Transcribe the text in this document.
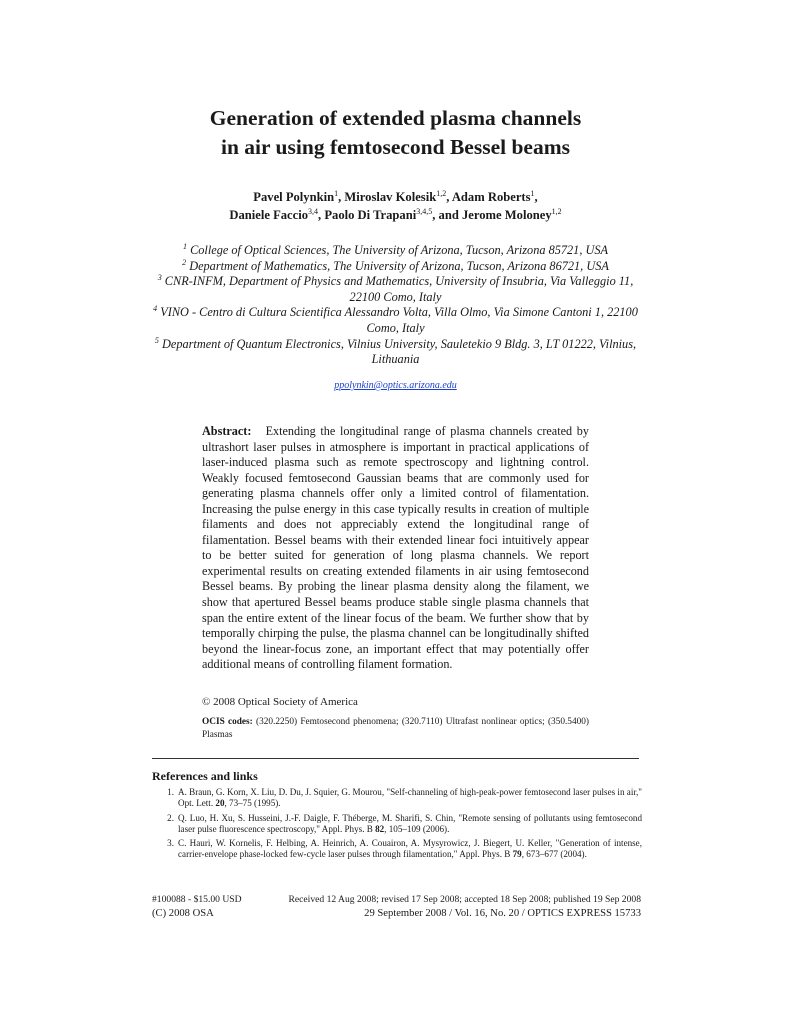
Generation of extended plasma channels
in air using femtosecond Bessel beams
Pavel Polynkin$^1$, Miroslav Kolesik$^{1,2}$, Adam Roberts$^1$,
Daniele Faccio$^{3,4}$, Paolo Di Trapani$^{3,4,5}$, and Jerome Moloney$^{1,2}$

$^1$ College of Optical Sciences, The University of Arizona, Tucson, Arizona 85721, USA

$^2$ Department of Mathematics, The University of Arizona, Tucson, Arizona 86721, USA

$^3$ CNR-INFM, Department of Physics and Mathematics, University of Insubria, Via Valleggio 11, 22100 Como, Italy

$^4$ VINO - Centro di Cultura Scientifica Alessandro Volta, Villa Olmo, Via Simone Cantoni 1, 22100 Como, Italy

$^5$ Department of Quantum Electronics, Vilnius University, Sauletekio 9 Bldg. 3, LT 01222, Vilnius, Lithuania

ppolynkin@optics.arizona.edu
Abstract: Extending the longitudinal range of plasma channels created by ultrashort laser pulses in atmosphere is important in practical applications of laser-induced plasma such as remote spectroscopy and lightning control. Weakly focused femtosecond Gaussian beams that are commonly used for generating plasma channels offer only a limited control of filamentation. Increasing the pulse energy in this case typically results in creation of multiple filaments and does not appreciably extend the longitudinal range of filamentation. Bessel beams with their extended linear foci intuitively appear to be better suited for generation of long plasma channels. We report experimental results on creating extended filaments in air using femtosecond Bessel beams. By probing the linear plasma density along the filament, we show that apertured Bessel beams produce stable single plasma channels that span the entire extent of the linear focus of the beam. We further show that by temporally chirping the pulse, the plasma channel can be longitudinally shifted beyond the linear-focus zone, an important effect that may potentially offer additional means of controlling filament formation.
© 2008 Optical Society of America
OCIS codes: (320.2250) Femtosecond phenomena; (320.7110) Ultrafast nonlinear optics; (350.5400) Plasmas
References and links
1. A. Braun, G. Korn, X. Liu, D. Du, J. Squier, G. Mourou, "Self-channeling of high-peak-power femtosecond laser pulses in air," Opt. Lett. 20, 73–75 (1995).
2. Q. Luo, H. Xu, S. Husseini, J.-F. Daigle, F. Théberge, M. Sharifi, S. Chin, "Remote sensing of pollutants using femtosecond laser pulse fluorescence spectroscopy," Appl. Phys. B 82, 105–109 (2006).
3. C. Hauri, W. Kornelis, F. Helbing, A. Heinrich, A. Couairon, A. Mysyrowicz, J. Biegert, U. Keller, "Generation of intense, carrier-envelope phase-locked few-cycle laser pulses through filamentation," Appl. Phys. B 79, 673–677 (2004).
#100088 - $15.00 USD	Received 12 Aug 2008; revised 17 Sep 2008; accepted 18 Sep 2008; published 19 Sep 2008
(C) 2008 OSA	29 September 2008 / Vol. 16, No. 20 / OPTICS EXPRESS 15733
